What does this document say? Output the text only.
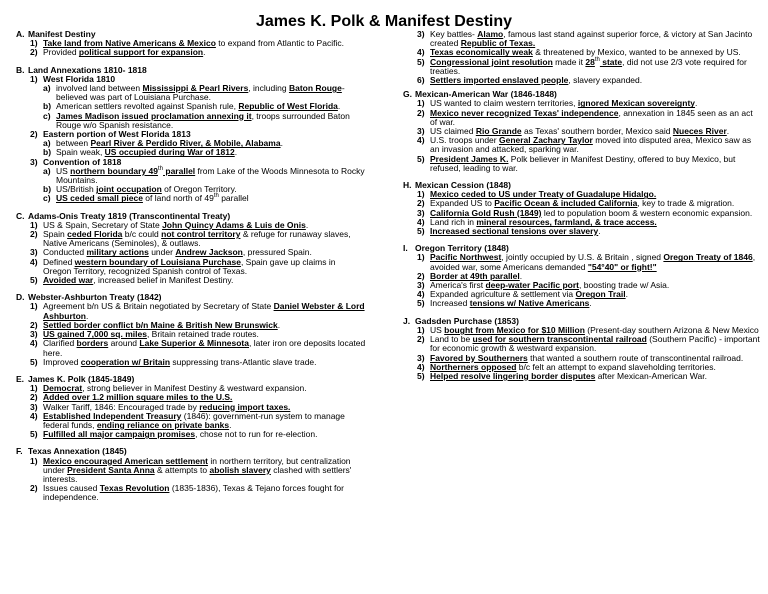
James K. Polk & Manifest Destiny
A. Manifest Destiny
1) Take land from Native Americans & Mexico to expand from Atlantic to Pacific.
2) Provided political support for expansion.
B. Land Annexations 1810- 1818
1) West Florida 1810
a) involved land between Mississippi & Pearl Rivers, including Baton Rouge- believed was part of Louisiana Purchase.
b) American settlers revolted against Spanish rule, Republic of West Florida.
c) James Madison issued proclamation annexing it, troops surrounded Baton Rouge w/o Spanish resistance.
2) Eastern portion of West Florida 1813
a) between Pearl River & Perdido River, & Mobile, Alabama.
b) Spain weak, US occupied during War of 1812.
3) Convention of 1818
a) US northern boundary 49th parallel from Lake of the Woods Minnesota to Rocky Mountains.
b) US/British joint occupation of Oregon Territory.
c) US ceded small piece of land north of 49th parallel
C. Adams-Onis Treaty 1819 (Transcontinental Treaty)
1) US & Spain, Secretary of State John Quincy Adams & Luis de Onis.
2) Spain ceded Florida b/c could not control territory & refuge for runaway slaves, Native Americans (Seminoles), & outlaws.
3) Conducted military actions under Andrew Jackson, pressured Spain.
4) Defined western boundary of Louisiana Purchase, Spain gave up claims in Oregon Territory, recognized Spanish control of Texas.
5) Avoided war, increased belief in Manifest Destiny.
D. Webster-Ashburton Treaty (1842)
1) Agreement b/n US & Britain negotiated by Secretary of State Daniel Webster & Lord Ashburton.
2) Settled border conflict b/n Maine & British New Brunswick.
3) US gained 7,000 sq. miles, Britain retained trade routes.
4) Clarified borders around Lake Superior & Minnesota, later iron ore deposits located here.
5) Improved cooperation w/ Britain suppressing trans-Atlantic slave trade.
E. James K. Polk (1845-1849)
1) Democrat, strong believer in Manifest Destiny & westward expansion.
2) Added over 1.2 million square miles to the U.S.
3) Walker Tariff, 1846: Encouraged trade by reducing import taxes.
4) Established Independent Treasury (1846): government-run system to manage federal funds, ending reliance on private banks.
5) Fulfilled all major campaign promises, chose not to run for re-election.
F. Texas Annexation (1845)
1) Mexico encouraged American settlement in northern territory, but centralization under President Santa Anna & attempts to abolish slavery clashed with settlers' interests.
2) Issues caused Texas Revolution (1835-1836), Texas & Tejano forces fought for independence.
3) Key battles- Alamo, famous last stand against superior force, & victory at San Jacinto created Republic of Texas.
4) Texas economically weak & threatened by Mexico, wanted to be annexed by US.
5) Congressional joint resolution made it 28th state, did not use 2/3 vote required for treaties.
6) Settlers imported enslaved people, slavery expanded.
G. Mexican-American War (1846-1848)
1) US wanted to claim western territories, ignored Mexican sovereignty.
2) Mexico never recognized Texas' independence, annexation in 1845 seen as an act of war.
3) US claimed Rio Grande as Texas' southern border, Mexico said Nueces River.
4) U.S. troops under General Zachary Taylor moved into disputed area, Mexico saw as an invasion and attacked, sparking war.
5) President James K. Polk believer in Manifest Destiny, offered to buy Mexico, but refused, leading to war.
H. Mexican Cession (1848)
1) Mexico ceded to US under Treaty of Guadalupe Hidalgo.
2) Expanded US to Pacific Ocean & included California, key to trade & migration.
3) California Gold Rush (1849) led to population boom & western economic expansion.
4) Land rich in mineral resources, farmland, & trace access.
5) Increased sectional tensions over slavery.
I. Oregon Territory (1848)
1) Pacific Northwest, jointly occupied by U.S. & Britain , signed Oregon Treaty of 1846, avoided war, some Americans demanded "54°40" or fight!"
2) Border at 49th parallel.
3) America's first deep-water Pacific port, boosting trade w/ Asia.
4) Expanded agriculture & settlement via Oregon Trail.
5) Increased tensions w/ Native Americans.
J. Gadsden Purchase (1853)
1) US bought from Mexico for $10 Million (Present-day southern Arizona & New Mexico
2) Land to be used for southern transcontinental railroad (Southern Pacific) - important for economic growth & westward expansion.
3) Favored by Southerners that wanted a southern route of transcontinental railroad.
4) Northerners opposed b/c felt an attempt to expand slaveholding territories.
5) Helped resolve lingering border disputes after Mexican-American War.
